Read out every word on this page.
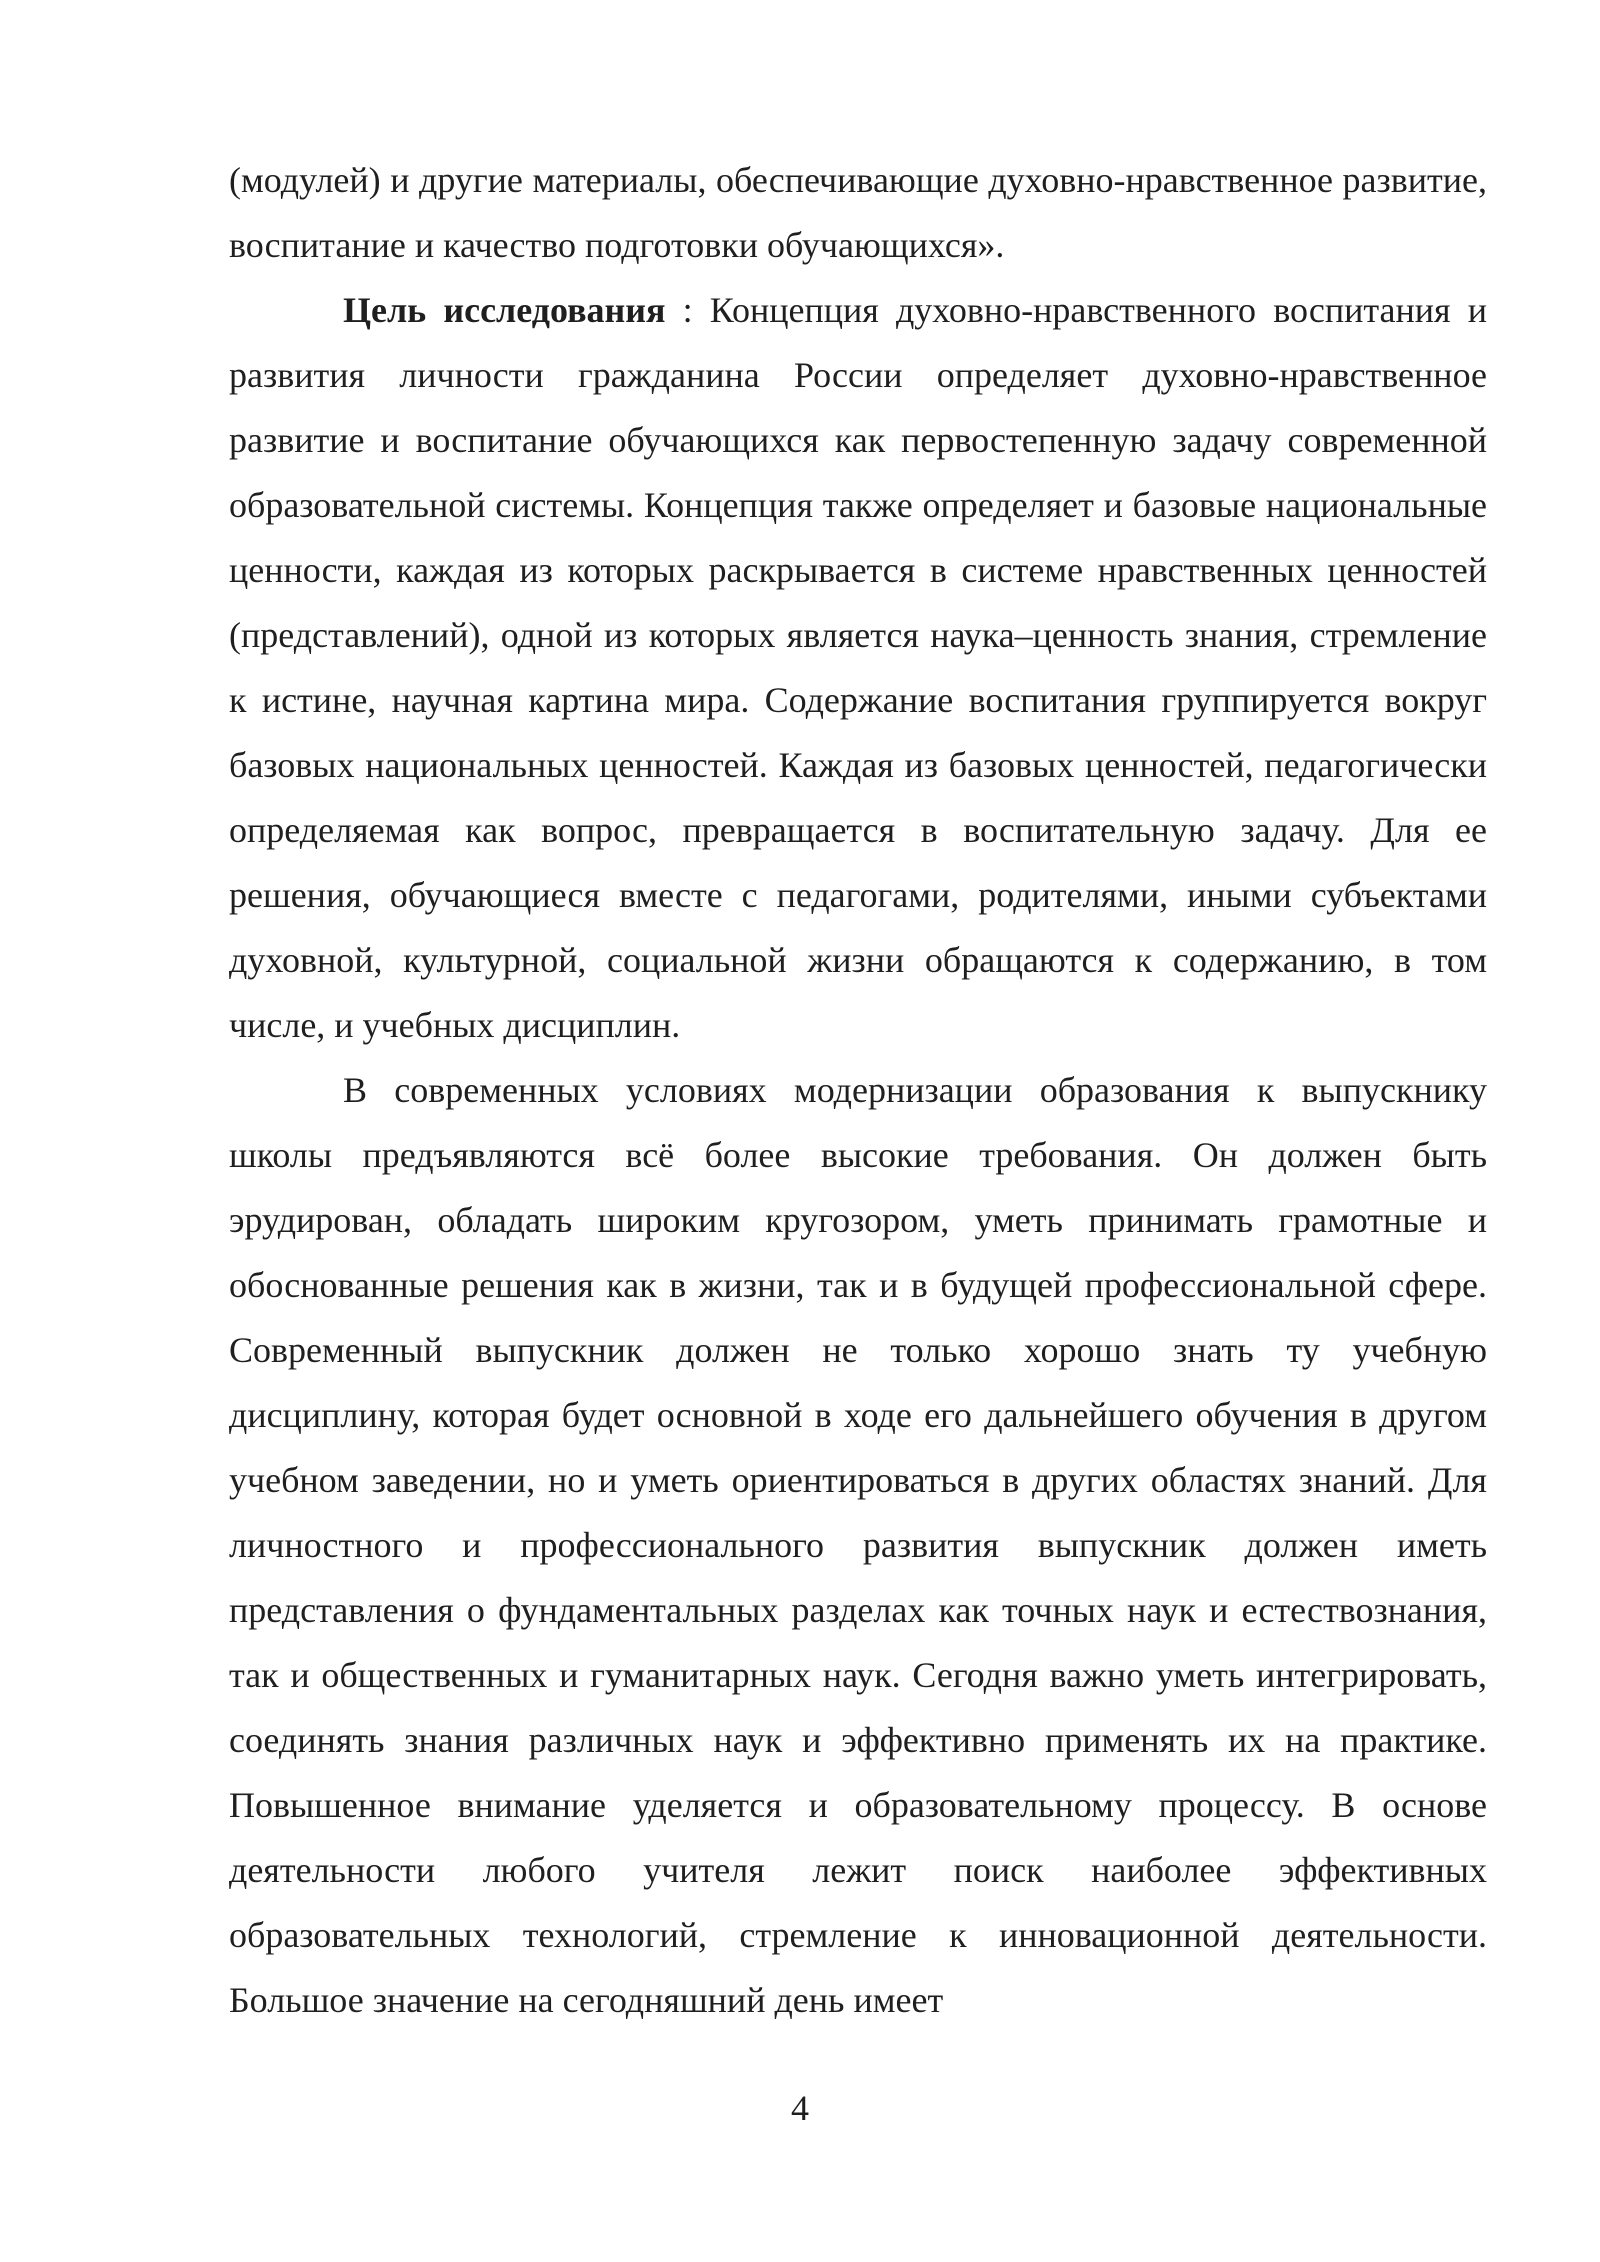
(модулей) и другие материалы, обеспечивающие духовно-нравственное развитие, воспитание и качество подготовки обучающихся».

Цель исследования : Концепция духовно-нравственного воспитания и развития личности гражданина России определяет духовно-нравственное развитие и воспитание обучающихся как первостепенную задачу современной образовательной системы. Концепция также определяет и базовые национальные ценности, каждая из которых раскрывается в системе нравственных ценностей (представлений), одной из которых является наука–ценность знания, стремление к истине, научная картина мира. Содержание воспитания группируется вокруг базовых национальных ценностей. Каждая из базовых ценностей, педагогически определяемая как вопрос, превращается в воспитательную задачу. Для ее решения, обучающиеся вместе с педагогами, родителями, иными субъектами духовной, культурной, социальной жизни обращаются к содержанию, в том числе, и учебных дисциплин.

В современных условиях модернизации образования к выпускнику школы предъявляются всё более высокие требования. Он должен быть эрудирован, обладать широким кругозором, уметь принимать грамотные и обоснованные решения как в жизни, так и в будущей профессиональной сфере. Современный выпускник должен не только хорошо знать ту учебную дисциплину, которая будет основной в ходе его дальнейшего обучения в другом учебном заведении, но и уметь ориентироваться в других областях знаний. Для личностного и профессионального развития выпускник должен иметь представления о фундаментальных разделах как точных наук и естествознания, так и общественных и гуманитарных наук. Сегодня важно уметь интегрировать, соединять знания различных наук и эффективно применять их на практике. Повышенное внимание уделяется и образовательному процессу. В основе деятельности любого учителя лежит поиск наиболее эффективных образовательных технологий, стремление к инновационной деятельности. Большое значение на сегодняшний день имеет

4
